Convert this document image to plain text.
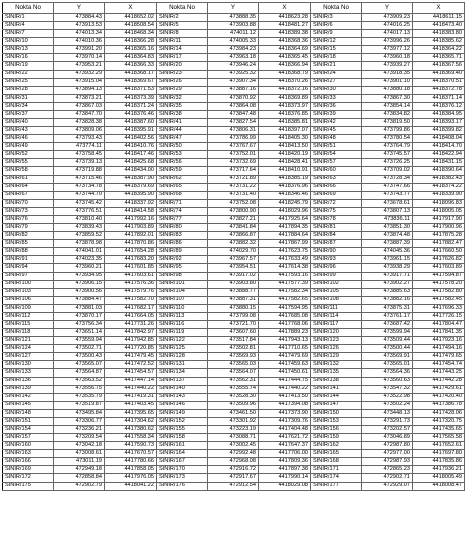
Nokta No	Y	X	Nokta No	Y	X	Nokta No	Y	X
SINIR/1	473884.43	4418652.02	SINIR/2	473888.35	4418623.28	SINIR/3	473909.23	4418611.15
SINIR/4	473913.53	4418508.54	SINIR/5	473903.88	4418481.27	SINIR/6	474016.25	4418473.40
SINIR/7	474013.34	4418468.34	SINIR/8	474011.12	4418389.38	SINIR/9	474017.13	4418383.80
SINIR/10	474010.36	4418366.28	SINIR/11	474005.33	4418368.36	SINIR/12	473996.26	4418385.62
SINIR/13	473991.20	4418365.16	SINIR/14	473984.23	4418364.69	SINIR/15	473977.12	4418364.22
SINIR/16	473970.14	4418364.83	SINIR/17	473963.18	4418365.45	SINIR/18	473960.18	4418365.71
SINIR/19	473953.21	4418366.33	SINIR/20	473946.24	4418366.94	SINIR/21	473939.27	4418367.56
SINIR/22	473932.29	4418368.17	SINIR/23	473925.32	4418368.79	SINIR/24	473918.35	4418369.40
SINIR/25	473915.04	4418369.67	SINIR/26	473907.34	4418370.26	SINIR/27	473901.10	4418370.51
SINIR/28	473894.13	4418371.53	SINIR/29	473887.16	4418372.16	SINIR/30	473880.18	4418372.78
SINIR/31	473873.21	4418373.39	SINIR/32	473870.92	4418369.89	SINIR/33	473867.30	4418371.14
SINIR/34	473867.03	4418371.24	SINIR/35	473864.08	4418373.97	SINIR/36	473854.14	4418376.12
SINIR/37	473847.70	4418376.46	SINIR/38	473847.48	4418376.85	SINIR/39	473834.82	4418384.95
SINIR/40	473828.38	4418387.60	SINIR/41	473827.54	4418385.81	SINIR/42	473819.50	4418393.17
SINIR/43	473809.06	4418395.91	SINIR/44	473806.31	4418397.07	SINIR/45	473799.86	4418399.82
SINIR/46	473793.43	4418402.56	SINIR/47	473786.99	4418405.30	SINIR/48	473780.54	4418408.04
SINIR/49	473774.11	4418410.76	SINIR/50	473767.67	4418413.50	SINIR/51	473764.79	4418414.70
SINIR/52	473758.45	4418417.46	SINIR/53	473752.01	4418420.19	SINIR/54	473745.57	4418422.94
SINIR/55	473739.13	4418425.68	SINIR/56	473732.69	4418428.41	SINIR/57	473726.25	4418431.15
SINIR/58	473719.88	4418434.00	SINIR/59	473717.64	4418410.91	SINIR/60	473709.02	4418390.64
SINIR/61	473715.46	4418387.90	SINIR/62	473721.89	4418385.19	SINIR/63	473728.34	4418382.43
SINIR/64	473734.78	4418379.69	SINIR/65	473731.22	4418376.96	SINIR/66	473747.66	4418374.22
SINIR/67	473744.70	4418395.90	SINIR/68	473731.40	4418346.46	SINIR/69	473743.77	4418339.90
SINIR/70	473745.42	4418337.92	SINIR/71	473752.08	4418245.79	SINIR/72	473678.61	4418096.83
SINIR/73	473776.51	4418414.58	SINIR/74	473800.90	4418029.96	SINIR/75	473807.13	4418005.05
SINIR/76	473810.40	4417992.16	SINIR/77	473827.21	4417925.64	SINIR/78	473836.11	4417917.90
SINIR/79	473839.43	4417903.89	SINIR/80	473841.84	4417894.35	SINIR/81	473851.30	4417900.96
SINIR/82	473859.52	4417892.01	SINIR/83	473866.87	4417884.64	SINIR/84	473874.48	4417875.28
SINIR/85	473878.98	4417870.86	SINIR/86	473882.32	4417867.99	SINIR/87	473887.39	4417882.47
SINIR/88	474041.01	4417654.28	SINIR/89	474029.70	4417623.75	SINIR/90	474045.36	4417660.50
SINIR/91	474023.35	4417683.20	SINIR/92	473967.57	4417633.49	SINIR/93	473961.15	4417626.82
SINIR/94	473960.21	4417601.85	SINIR/95	473954.51	4417614.38	SINIR/96	473938.29	4417603.89
SINIR/97	473934.95	4417603.61	SINIR/98	473917.02	4417593.16	SINIR/99	473917.71	4417594.87
SINIR/100	473906.15	4417576.36	SINIR/101	473903.80	4417577.39	SINIR/102	473902.27	4417578.20
SINIR/103	473900.56	4417579.76	SINIR/104	473888.77	4417582.34	SINIR/105	473885.63	4417582.80
SINIR/106	473884.47	4417582.70	SINIR/107	473887.31	4417582.65	SINIR/108	473882.16	4417582.45
SINIR/109	473881.03	4417682.17	SINIR/110	473880.15	4417594.95	SINIR/111	473875.31	4417696.33
SINIR/112	473870.17	4417664.05	SINIR/113	473799.08	4417685.08	SINIR/114	473761.17	4417726.15
SINIR/115	473756.34	4417731.26	SINIR/116	473721.70	4417768.06	SINIR/117	473687.42	4417804.47
SINIR/118	473651.14	4417842.97	SINIR/119	473607.60	4417889.23	SINIR/120	473599.94	4417841.35
SINIR/121	473559.94	4417942.85	SINIR/122	473517.84	4417943.13	SINIR/123	473509.44	4417923.16
SINIR/124	473502.71	4417720.85	SINIR/125	473502.81	4417710.65	SINIR/126	473500.44	4417494.16
SINIR/127	473500.43	4417479.45	SINIR/128	473569.93	4417479.69	SINIR/129	473569.91	4417479.65
SINIR/130	473565.07	4417472.52	SINIR/131	473565.03	4417459.63	SINIR/132	473565.01	4417454.74
SINIR/133	473564.87	4417454.57	SINIR/134	473564.07	4417450.61	SINIR/135	473564.36	4417443.25
SINIR/136	473563.52	4417447.14	SINIR/137	473562.31	4417444.75	SINIR/138	473560.63	4417442.28
SINIR/139	473556.75	4417440.22	SINIR/140	473555.74	4417440.22	SINIR/141	473547.32	4417429.61
SINIR/142	473535.79	4417419.31	SINIR/143	473528.30	4417413.50	SINIR/144	473522.98	4417420.40
SINIR/145	473519.87	4417403.45	SINIR/146	473509.96	4417394.08	SINIR/147	473502.24	4417386.78
SINIR/148	473495.84	4417395.65	SINIR/149	473461.50	4417373.90	SINIR/150	473448.13	4417428.06
SINIR/151	473306.77	4417304.62	SINIR/152	473301.92	4417309.76	SINIR/153	473291.73	4417320.75
SINIR/154	473236.21	4417380.62	SINIR/155	473223.19	4417404.48	SINIR/156	473202.57	4417435.65
SINIR/157	473209.54	4417558.34	SINIR/158	473088.71	4417621.72	SINIR/159	473046.89	4417565.58
SINIR/160	473042.18	4417590.73	SINIR/161	473002.45	4417647.37	SINIR/162	472987.80	4417652.61
SINIR/163	473008.61	4417670.57	SINIR/164	472992.48	4417706.00	SINIR/165	472977.00	4417697.80
SINIR/166	473011.19	4417780.66	SINIR/167	472968.08	4417809.36	SINIR/168	472987.93	4417835.86
SINIR/169	472949.18	4417858.05	SINIR/170	472916.72	4417897.38	SINIR/171	472865.23	4417936.21
SINIR/172	472858.84	4417976.05	SINIR/173	472917.67	4417990.14	SINIR/174	472902.71	4418005.49
SINIR/175	472902.79	4418041.22	SINIR/176	472912.54	4418029.08	SINIR/177	472929.07	4418008.47
